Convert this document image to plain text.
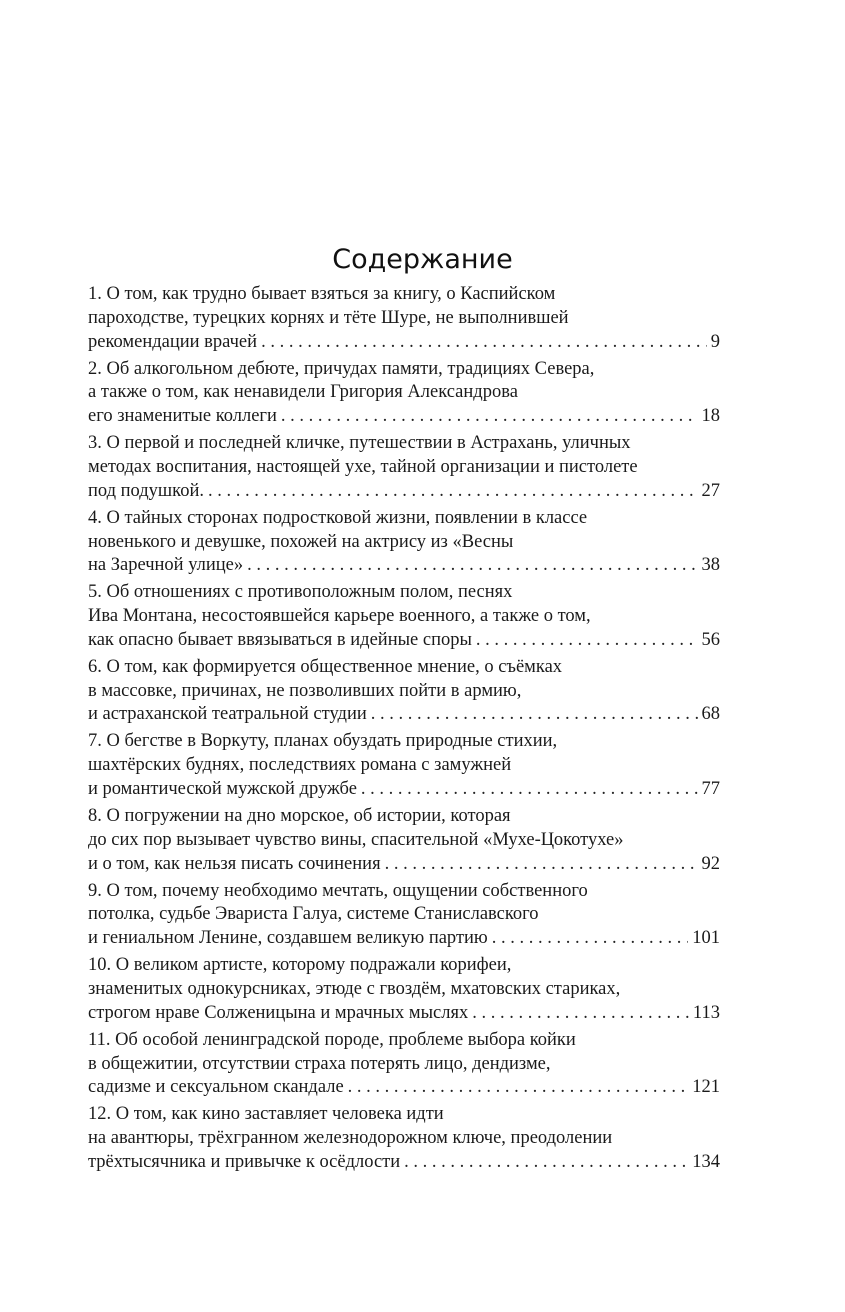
Содержание
1. О том, как трудно бывает взяться за книгу, о Каспийском
пароходстве, турецких корнях и тёте Шуре, не выполнившей
рекомендации врачей . . .	9
2. Об алкогольном дебюте, причудах памяти, традициях Севера,
а также о том, как ненавидели Григория Александрова
его знаменитые коллеги . . .	18
3. О первой и последней кличке, путешествии в Астрахань, уличных
методах воспитания, настоящей ухе, тайной организации и пистолете
под подушкой. . . .	27
4. О тайных сторонах подростковой жизни, появлении в классе
новенького и девушке, похожей на актрису из «Весны
на Заречной улице» . . .	38
5. Об отношениях с противоположным полом, песнях
Ива Монтана, несостоявшейся карьере военного, а также о том,
как опасно бывает ввязываться в идейные споры . . .	56
6. О том, как формируется общественное мнение, о съёмках
в массовке, причинах, не позволивших пойти в армию,
и астраханской театральной студии . . .	68
7. О бегстве в Воркуту, планах обуздать природные стихии,
шахтёрских буднях, последствиях романа с замужней
и романтической мужской дружбе . . .	77
8. О погружении на дно морское, об истории, которая
до сих пор вызывает чувство вины, спасительной «Мухе-Цокотухе»
и о том, как нельзя писать сочинения . . .	92
9. О том, почему необходимо мечтать, ощущении собственного
потолка, судьбе Эвариста Галуа, системе Станиславского
и гениальном Ленине, создавшем великую партию . . .	101
10. О великом артисте, которому подражали корифеи,
знаменитых однокурсниках, этюде с гвоздём, мхатовских стариках,
строгом нраве Солженицына и мрачных мыслях . . .	113
11. Об особой ленинградской породе, проблеме выбора койки
в общежитии, отсутствии страха потерять лицо, дендизме,
садизме и сексуальном скандале . . .	121
12. О том, как кино заставляет человека идти
на авантюры, трёхгранном железнодорожном ключе, преодолении
трёхтысячника и привычке к осёдлости . . .	134
